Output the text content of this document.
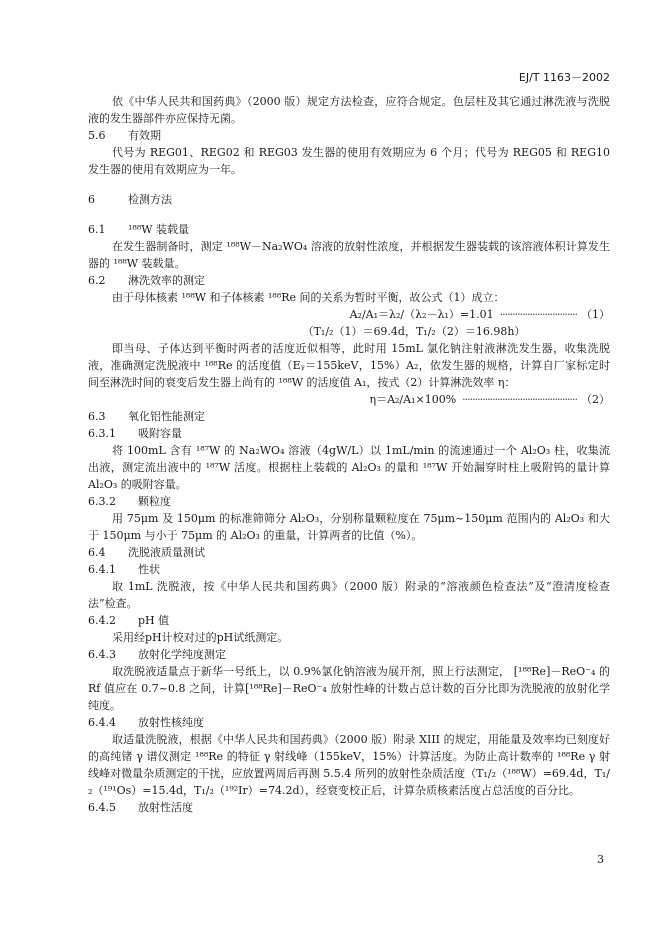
EJ/T 1163－2002

依《中华人民共和国药典》（2000 版）规定方法检查，应符合规定。色层柱及其它通过淋洗液与洗脱液的发生器部件亦应保持无菌。

5.6	有效期

代号为 REG01、REG02 和 REG03 发生器的使用有效期应为 6 个月；代号为 REG05 和 REG10 发生器的使用有效期应为一年。

6	检测方法
6.1	¹⁸⁸W 装载量

在发生器制备时，测定 ¹⁸⁸W－Na₂WO₄ 溶液的放射性浓度，并根据发生器装载的该溶液体积计算发生器的 ¹⁸⁸W 装载量。

6.2	淋洗效率的测定

由于母体核素 ¹⁸⁸W 和子体核素 ¹⁸⁸Re 间的关系为暂时平衡，故公式（1）成立：

A₂/A₁＝λ₂/（λ₂－λ₁）=1.01 ······························· （1）
（T₁/₂（1）＝69.4d，T₁/₂（2）＝16.98h）

即当母、子体达到平衡时两者的活度近似相等，此时用 15mL 氯化钠注射液淋洗发生器，收集洗脱液，准确测定洗脱液中 ¹⁸⁸Re 的活度值（Eᵧ＝155keV，15%）A₂，依发生器的规格，计算自厂家标定时间至淋洗时间的衰变后发生器上尚有的 ¹⁸⁸W 的活度值 A₁，按式（2）计算淋洗效率 η：

η＝A₂/A₁×100% ·············································· （2）
6.3	氧化铝性能测定
6.3.1	吸附容量

将 100mL 含有 ¹⁸⁷W 的 Na₂WO₄ 溶液（4gW/L）以 1mL/min 的流速通过一个 Al₂O₃ 柱，收集流出液，测定流出液中的 ¹⁸⁷W 活度。根据柱上装载的 Al₂O₃ 的量和 ¹⁸⁷W 开始漏穿时柱上吸附钨的量计算 Al₂O₃ 的吸附容量。

6.3.2	颗粒度

用 75μm 及 150μm 的标准筛筛分 Al₂O₃，分别称量颗粒度在 75μm~150μm 范围内的 Al₂O₃ 和大于 150μm 与小于 75μm 的 Al₂O₃ 的重量，计算两者的比值（%）。

6.4	洗脱液质量测试
6.4.1	性状

取 1mL 洗脱液，按《中华人民共和国药典》（2000 版）附录的“溶液颜色检查法”及“澄清度检查法”检查。

6.4.2	pH 值

采用经pH计校对过的pH试纸测定。

6.4.3	放射化学纯度测定

取洗脱液适量点于新华一号纸上，以 0.9%氯化钠溶液为展开剂，照上行法测定， [¹⁸⁸Re]－ReO⁻₄ 的 Rf 值应在 0.7~0.8 之间，计算[¹⁸⁸Re]－ReO⁻₄ 放射性峰的计数占总计数的百分比即为洗脱液的放射化学纯度。

6.4.4	放射性核纯度

取适量洗脱液，根据《中华人民共和国药典》（2000 版）附录 XIII 的规定，用能量及效率均已刻度好的高纯锗 γ 谱仪测定 ¹⁸⁸Re 的特征 γ 射线峰（155keV，15%）计算活度。为防止高计数率的 ¹⁸⁸Re γ 射线峰对微量杂质测定的干扰，应放置两周后再测 5.5.4 所列的放射性杂质活度（T₁/₂（¹⁸⁸W）=69.4d，T₁/₂（¹⁹¹Os）=15.4d，T₁/₂（¹⁹²Ir）=74.2d），经衰变校正后，计算杂质核素活度占总活度的百分比。

6.4.5	放射性活度
3
